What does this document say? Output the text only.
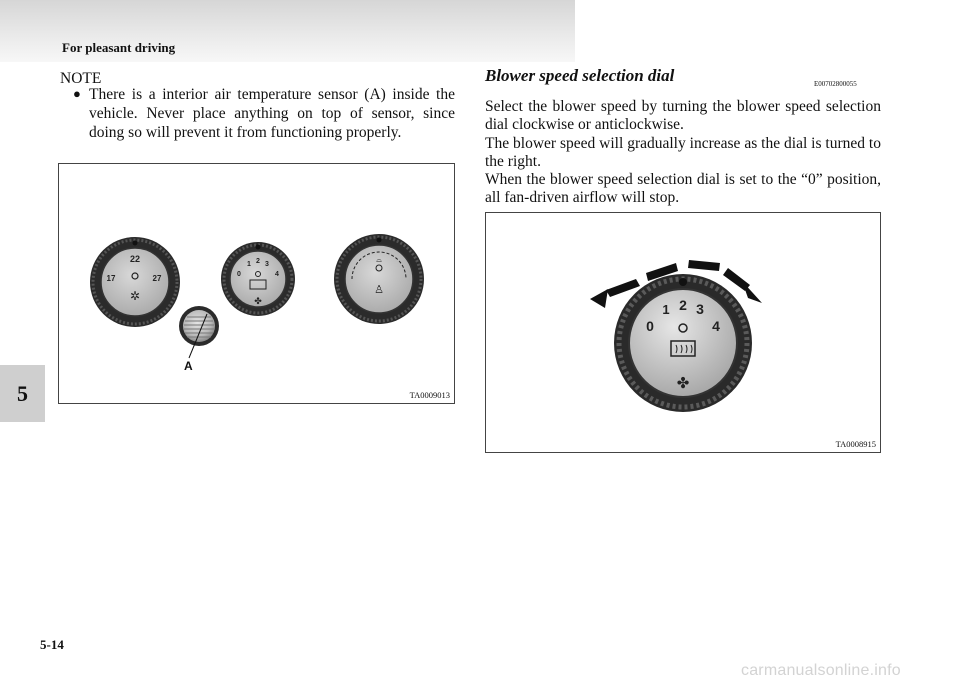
For pleasant driving
5
NOTE
● There is a interior air temperature sensor (A) inside the vehicle. Never place anything on top of sensor, since doing so will prevent it from functioning properly.
22
17	27
✲
0
1 2 3
4
✤
⌓
♙
A
TA0009013
Blower speed selection dial	E00702800055

Select the blower speed by turning the blower speed selection dial clockwise or anticlockwise.

The blower speed will gradually increase as the dial is turned to the right.

When the blower speed selection dial is set to the “0” position, all fan-driven airflow will stop.

0
1 2 3
4
✤
TA0008915
5-14
carmanualsonline.info
